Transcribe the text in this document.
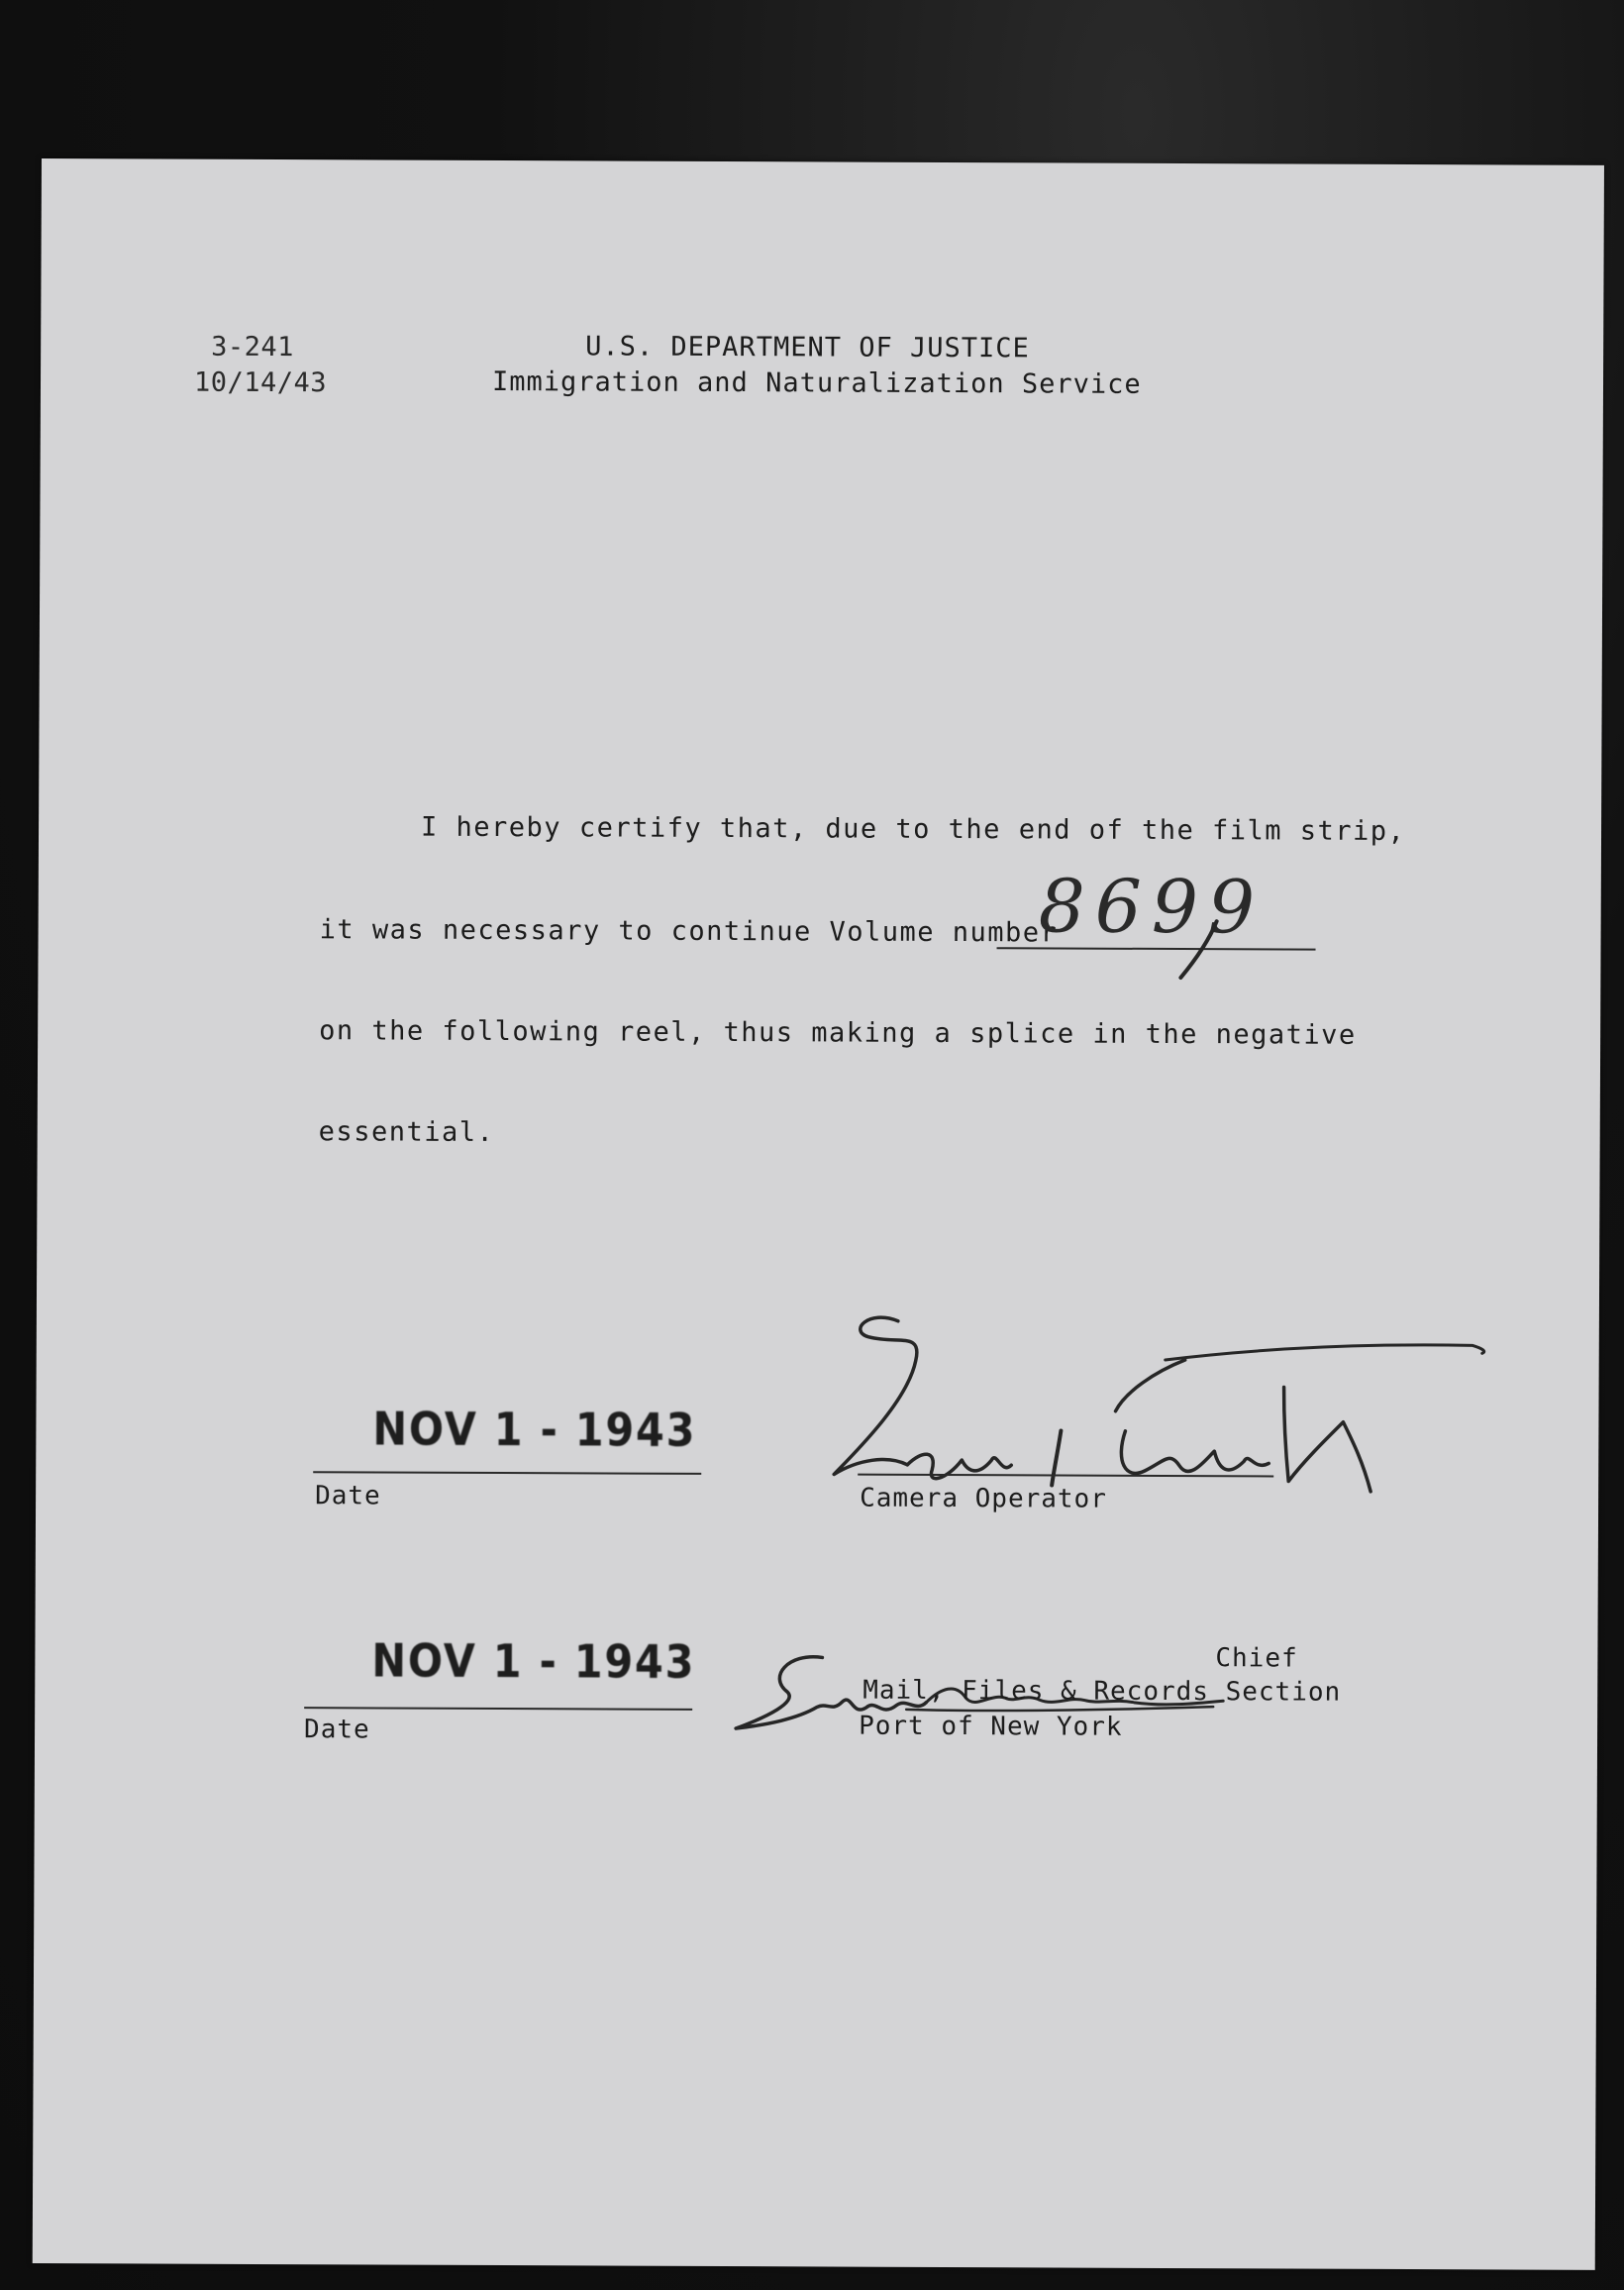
3-241
10/14/43
U.S. DEPARTMENT OF JUSTICE
Immigration and Naturalization Service
I hereby certify that, due to the end of the film strip,
it was necessary to continue Volume number
8699
on the following reel, thus making a splice in the negative
essential.
NOV 1 - 1943
Date	Camera Operator
NOV 1 - 1943
Date
Chief
Mail, Files & Records Section
Port of New York
